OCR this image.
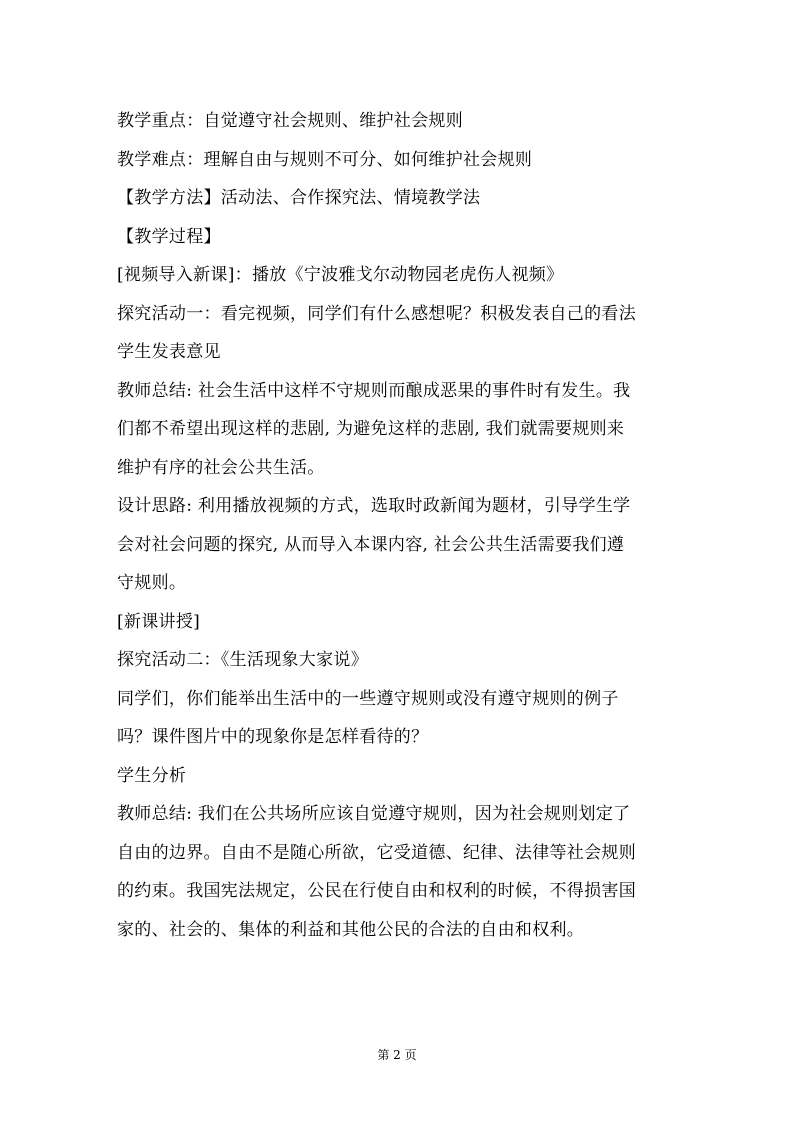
教学重点：自觉遵守社会规则、维护社会规则
教学难点：理解自由与规则不可分、如何维护社会规则
【教学方法】活动法、合作探究法、情境教学法
【教学过程】
[视频导入新课]：播放《宁波雅戈尔动物园老虎伤人视频》
探究活动一：看完视频，同学们有什么感想呢？积极发表自己的看法
学生发表意见
教师总结: 社会生活中这样不守规则而酿成恶果的事件时有发生。我
们都不希望出现这样的悲剧, 为避免这样的悲剧, 我们就需要规则来
维护有序的社会公共生活。
设计思路: 利用播放视频的方式，选取时政新闻为题材，引导学生学
会对社会问题的探究, 从而导入本课内容, 社会公共生活需要我们遵
守规则。
[新课讲授]
探究活动二：《生活现象大家说》
同学们，你们能举出生活中的一些遵守规则或没有遵守规则的例子
吗？课件图片中的现象你是怎样看待的？
学生分析
教师总结: 我们在公共场所应该自觉遵守规则，因为社会规则划定了
自由的边界。自由不是随心所欲，它受道德、纪律、法律等社会规则
的约束。我国宪法规定，公民在行使自由和权利的时候，不得损害国
家的、社会的、集体的利益和其他公民的合法的自由和权利。
第 2 页
